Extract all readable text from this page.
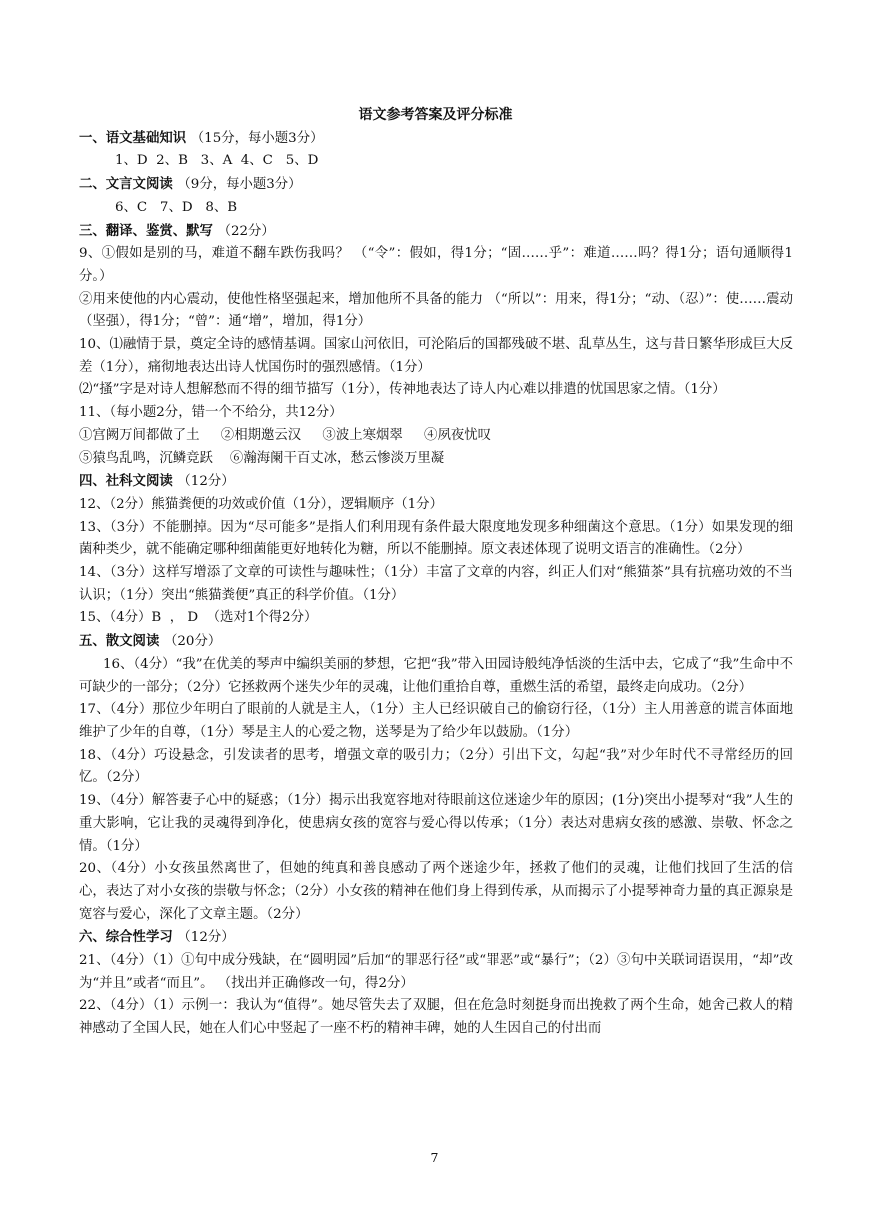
语文参考答案及评分标准
一、语文基础知识 （15分，每小题3分）
1、D  2、B   3、A  4、C   5、D
二、文言文阅读 （9分，每小题3分）
6、C   7、D   8、B
三、翻译、鉴赏、默写 （22分）
9、①假如是别的马，难道不翻车跌伤我吗？ （“令”：假如，得1分；“固……乎”：难道……吗？得1分；语句通顺得1分。）
②用来使他的内心震动，使他性格坚强起来，增加他所不具备的能力 （“所以”：用来，得1分；“动、（忍）”：使……震动（坚强），得1分；“曾”：通“增”，增加，得1分）
10、⑴融情于景，奠定全诗的感情基调。国家山河依旧，可沦陷后的国都残破不堪、乱草丛生，这与昔日繁华形成巨大反差（1分），痛彻地表达出诗人忧国伤时的强烈感情。（1分）
⑵“搔”字是对诗人想解愁而不得的细节描写（1分），传神地表达了诗人内心难以排遣的忧国思家之情。（1分）
11、（每小题2分，错一个不给分，共12分）
①宫阙万间都做了土     ②相期邀云汉     ③波上寒烟翠     ④夙夜忧叹
⑤猿鸟乱鸣，沉鳞竞跃    ⑥瀚海阑干百丈冰，愁云惨淡万里凝
四、社科文阅读 （12分）
12、（2分）熊猫粪便的功效或价值（1分），逻辑顺序（1分）
13、（3分）不能删掉。因为“尽可能多”是指人们利用现有条件最大限度地发现多种细菌这个意思。（1分）如果发现的细菌种类少，就不能确定哪种细菌能更好地转化为糖，所以不能删掉。原文表述体现了说明文语言的准确性。（2分）
14、（3分）这样写增添了文章的可读性与趣味性；（1分）丰富了文章的内容，纠正人们对“熊猫茶”具有抗癌功效的不当认识；（1分）突出“熊猫粪便”真正的科学价值。（1分）
15、（4分）B  ， D  （选对1个得2分）
五、散文阅读 （20分）
16、（4分）“我”在优美的琴声中编织美丽的梦想，它把“我”带入田园诗般纯净恬淡的生活中去，它成了“我”生命中不可缺少的一部分；（2分）它拯救两个迷失少年的灵魂，让他们重拾自尊，重燃生活的希望，最终走向成功。（2分）
17、（4分）那位少年明白了眼前的人就是主人，（1分）主人已经识破自己的偷窃行径，（1分）主人用善意的谎言体面地维护了少年的自尊，（1分）琴是主人的心爱之物，送琴是为了给少年以鼓励。（1分）
18、（4分）巧设悬念，引发读者的思考，增强文章的吸引力；（2分）引出下文，勾起“我”对少年时代不寻常经历的回忆。（2分）
19、（4分）解答妻子心中的疑惑；（1分）揭示出我宽容地对待眼前这位迷途少年的原因；(1分)突出小提琴对“我”人生的重大影响，它让我的灵魂得到净化，使患病女孩的宽容与爱心得以传承；（1分）表达对患病女孩的感激、崇敬、怀念之情。（1分）
20、（4分）小女孩虽然离世了，但她的纯真和善良感动了两个迷途少年，拯救了他们的灵魂，让他们找回了生活的信心，表达了对小女孩的崇敬与怀念；（2分）小女孩的精神在他们身上得到传承，从而揭示了小提琴神奇力量的真正源泉是宽容与爱心，深化了文章主题。（2分）
六、综合性学习 （12分）
21、（4分）（1）①句中成分残缺，在“圆明园”后加“的罪恶行径”或“罪恶”或“暴行”；（2）③句中关联词语误用，“却”改为“并且”或者“而且”。 （找出并正确修改一句，得2分）
22、（4分）（1）示例一：我认为“值得”。她尽管失去了双腿，但在危急时刻挺身而出挽救了两个生命，她舍己救人的精神感动了全国人民，她在人们心中竖起了一座不朽的精神丰碑，她的人生因自己的付出而
7
